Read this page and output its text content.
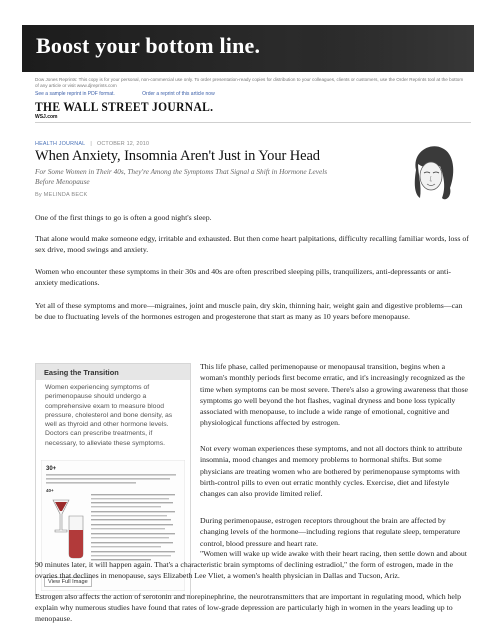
Boost your bottom line.
Dow Jones Reprints: This copy is for your personal, non-commercial use only. To order presentation-ready copies for distribution to your colleagues, clients or customers, use the Order Reprints tool at the bottom of any article or visit www.djreprints.com
See a sample reprint in PDF format.	Order a reprint of this article now
THE WALL STREET JOURNAL.
WSJ.com
HEALTH JOURNAL | OCTOBER 12, 2010
When Anxiety, Insomnia Aren't Just in Your Head
For Some Women in Their 40s, They're Among the Symptoms That Signal a Shift in Hormone Levels Before Menopause
By MELINDA BECK

One of the first things to go is often a good night's sleep.

That alone would make someone edgy, irritable and exhausted. But then come heart palpitations, difficulty recalling familiar words, loss of sex drive, mood swings and anxiety.

Women who encounter these symptoms in their 30s and 40s are often prescribed sleeping pills, tranquilizers, anti-depressants or anti-anxiety medications.

Yet all of these symptoms and more—migraines, joint and muscle pain, dry skin, thinning hair, weight gain and digestive problems—can be due to fluctuating levels of the hormones estrogen and progesterone that start as many as 10 years before menopause.

Easing the Transition
Women experiencing symptoms of perimenopause should undergo a comprehensive exam to measure blood pressure, cholesterol and bone density, as well as thyroid and other hormone levels. Doctors can prescribe treatments, if necessary, to alleviate these symptoms.
30+
40+
View Full Image

This life phase, called perimenopause or menopausal transition, begins when a woman's monthly periods first become erratic, and it's increasingly recognized as the time when symptoms can be most severe. There's also a growing awareness that those symptoms go well beyond the hot flashes, vaginal dryness and bone loss typically associated with menopause, to include a wide range of emotional, cognitive and physiological functions affected by estrogen.

Not every woman experiences these symptoms, and not all doctors think to attribute insomnia, mood changes and memory problems to hormonal shifts. But some physicians are treating women who are bothered by perimenopause symptoms with birth-control pills to even out erratic monthly cycles. Exercise, diet and lifestyle changes can also provide limited relief.

During perimenopause, estrogen receptors throughout the brain are affected by changing levels of the hormone—including regions that regulate sleep, temperature control, blood pressure and heart rate.

"Women will wake up wide awake with their heart racing, then settle down and about 90 minutes later, it will happen again. That's a characteristic brain symptoms of declining estradiol," the form of estrogen, made in the ovaries that declines in menopause, says Elizabeth Lee Vliet, a women's health physician in Dallas and Tucson, Ariz.

Estrogen also affects the action of serotonin and norepinephrine, the neurotransmitters that are important in regulating mood, which help explain why numerous studies have found that rates of low-grade depression are particularly high in women in the years leading up to menopause.
